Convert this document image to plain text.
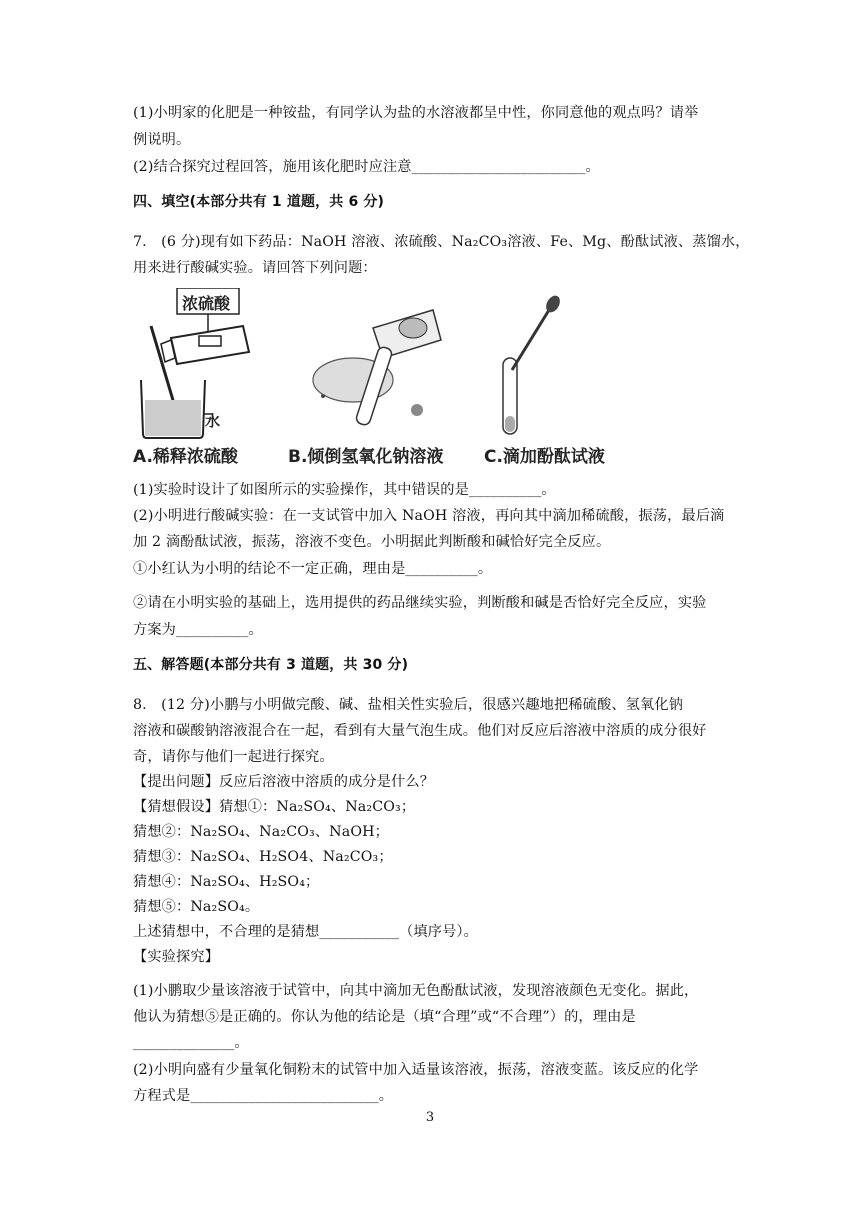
(1)小明家的化肥是一种铵盐，有同学认为盐的水溶液都呈中性，你同意他的观点吗？请举
例说明。
(2)结合探究过程回答，施用该化肥时应注意________________________。
四、填空(本部分共有 1 道题，共 6 分)
7.　(6 分)现有如下药品：NaOH 溶液、浓硫酸、Na₂CO₃溶液、Fe、Mg、酚酞试液、蒸馏水，
用来进行酸碱实验。请回答下列问题：
浓硫酸
水
A.稀释浓硫酸	B.倾倒氢氧化钠溶液 C.滴加酚酞试液
(1)实验时设计了如图所示的实验操作，其中错误的是__________。
(2)小明进行酸碱实验：在一支试管中加入 NaOH 溶液，再向其中滴加稀硫酸，振荡，最后滴
加 2 滴酚酞试液，振荡，溶液不变色。小明据此判断酸和碱恰好完全反应。
①小红认为小明的结论不一定正确，理由是__________。
②请在小明实验的基础上，选用提供的药品继续实验，判断酸和碱是否恰好完全反应，实验
方案为__________。
五、解答题(本部分共有 3 道题，共 30 分)
8.　(12 分)小鹏与小明做完酸、碱、盐相关性实验后，很感兴趣地把稀硫酸、氢氧化钠
溶液和碳酸钠溶液混合在一起，看到有大量气泡生成。他们对反应后溶液中溶质的成分很好
奇，请你与他们一起进行探究。
【提出问题】反应后溶液中溶质的成分是什么？
【猜想假设】猜想①：Na₂SO₄、Na₂CO₃；
猜想②：Na₂SO₄、Na₂CO₃、NaOH；
猜想③：Na₂SO₄、H₂SO4、Na₂CO₃；
猜想④：Na₂SO₄、H₂SO₄；
猜想⑤：Na₂SO₄。
上述猜想中，不合理的是猜想___________（填序号）。
【实验探究】
(1)小鹏取少量该溶液于试管中，向其中滴加无色酚酞试液，发现溶液颜色无变化。据此，
他认为猜想⑤是正确的。你认为他的结论是（填“合理”或“不合理”）的，理由是
______________。
(2)小明向盛有少量氧化铜粉末的试管中加入适量该溶液，振荡，溶液变蓝。该反应的化学
方程式是__________________________。
3
